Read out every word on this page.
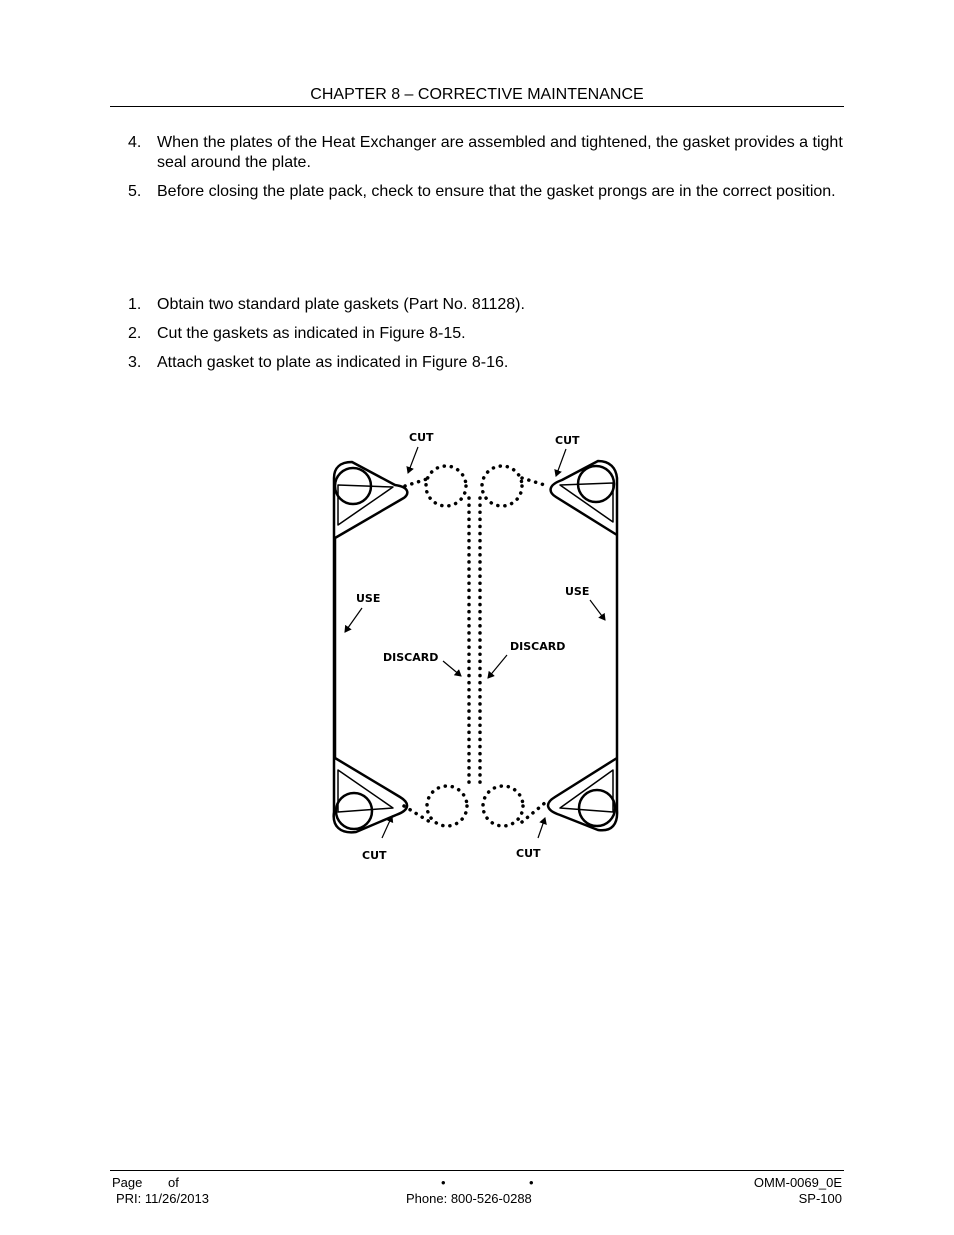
CHAPTER 8 – CORRECTIVE MAINTENANCE
4. When the plates of the Heat Exchanger are assembled and tightened, the gasket provides a tight seal around the plate.
5. Before closing the plate pack, check to ensure that the gasket prongs are in the correct position.
1. Obtain two standard plate gaskets (Part No. 81128).
2. Cut the gaskets as indicated in Figure 8-15.
3. Attach gasket to plate as indicated in Figure 8-16.
CUT	CUT
USE
USE
DISCARD
DISCARD
CUT	CUT
Page of	•	•	OMM-0069_0E
PRI: 11/26/2013	Phone: 800-526-0288	SP-100
